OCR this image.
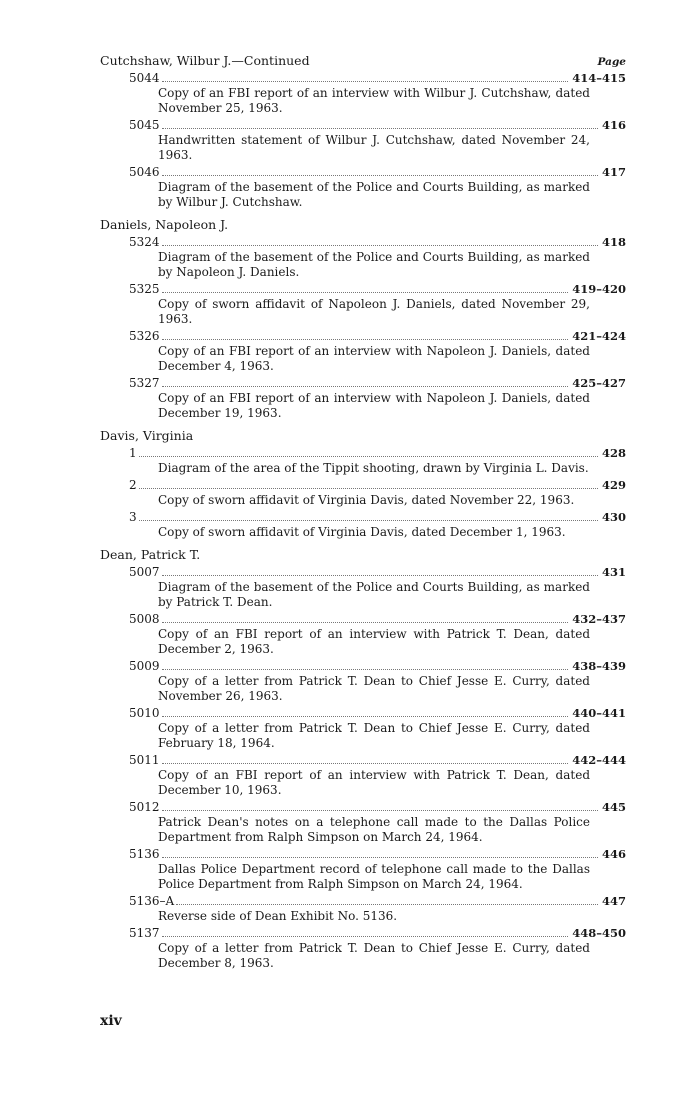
Cutchshaw, Wilbur J.—Continued	Page
5044	414–415
Copy of an FBI report of an interview with Wilbur J. Cutchshaw, dated November 25, 1963.
5045	416
Handwritten statement of Wilbur J. Cutchshaw, dated November 24, 1963.
5046	417
Diagram of the basement of the Police and Courts Building, as marked by Wilbur J. Cutchshaw.
Daniels, Napoleon J.
5324	418
Diagram of the basement of the Police and Courts Building, as marked by Napoleon J. Daniels.
5325	419–420
Copy of sworn affidavit of Napoleon J. Daniels, dated November 29, 1963.
5326	421–424
Copy of an FBI report of an interview with Napoleon J. Daniels, dated December 4, 1963.
5327	425–427
Copy of an FBI report of an interview with Napoleon J. Daniels, dated December 19, 1963.
Davis, Virginia
1	428
Diagram of the area of the Tippit shooting, drawn by Virginia L. Davis.
2	429
Copy of sworn affidavit of Virginia Davis, dated November 22, 1963.
3	430
Copy of sworn affidavit of Virginia Davis, dated December 1, 1963.
Dean, Patrick T.
5007	431
Diagram of the basement of the Police and Courts Building, as marked by Patrick T. Dean.
5008	432–437
Copy of an FBI report of an interview with Patrick T. Dean, dated December 2, 1963.
5009	438–439
Copy of a letter from Patrick T. Dean to Chief Jesse E. Curry, dated November 26, 1963.
5010	440–441
Copy of a letter from Patrick T. Dean to Chief Jesse E. Curry, dated February 18, 1964.
5011	442–444
Copy of an FBI report of an interview with Patrick T. Dean, dated December 10, 1963.
5012	445
Patrick Dean's notes on a telephone call made to the Dallas Police Department from Ralph Simpson on March 24, 1964.
5136	446
Dallas Police Department record of telephone call made to the Dallas Police Department from Ralph Simpson on March 24, 1964.
5136–A	447
Reverse side of Dean Exhibit No. 5136.
5137	448–450
Copy of a letter from Patrick T. Dean to Chief Jesse E. Curry, dated December 8, 1963.
xiv
